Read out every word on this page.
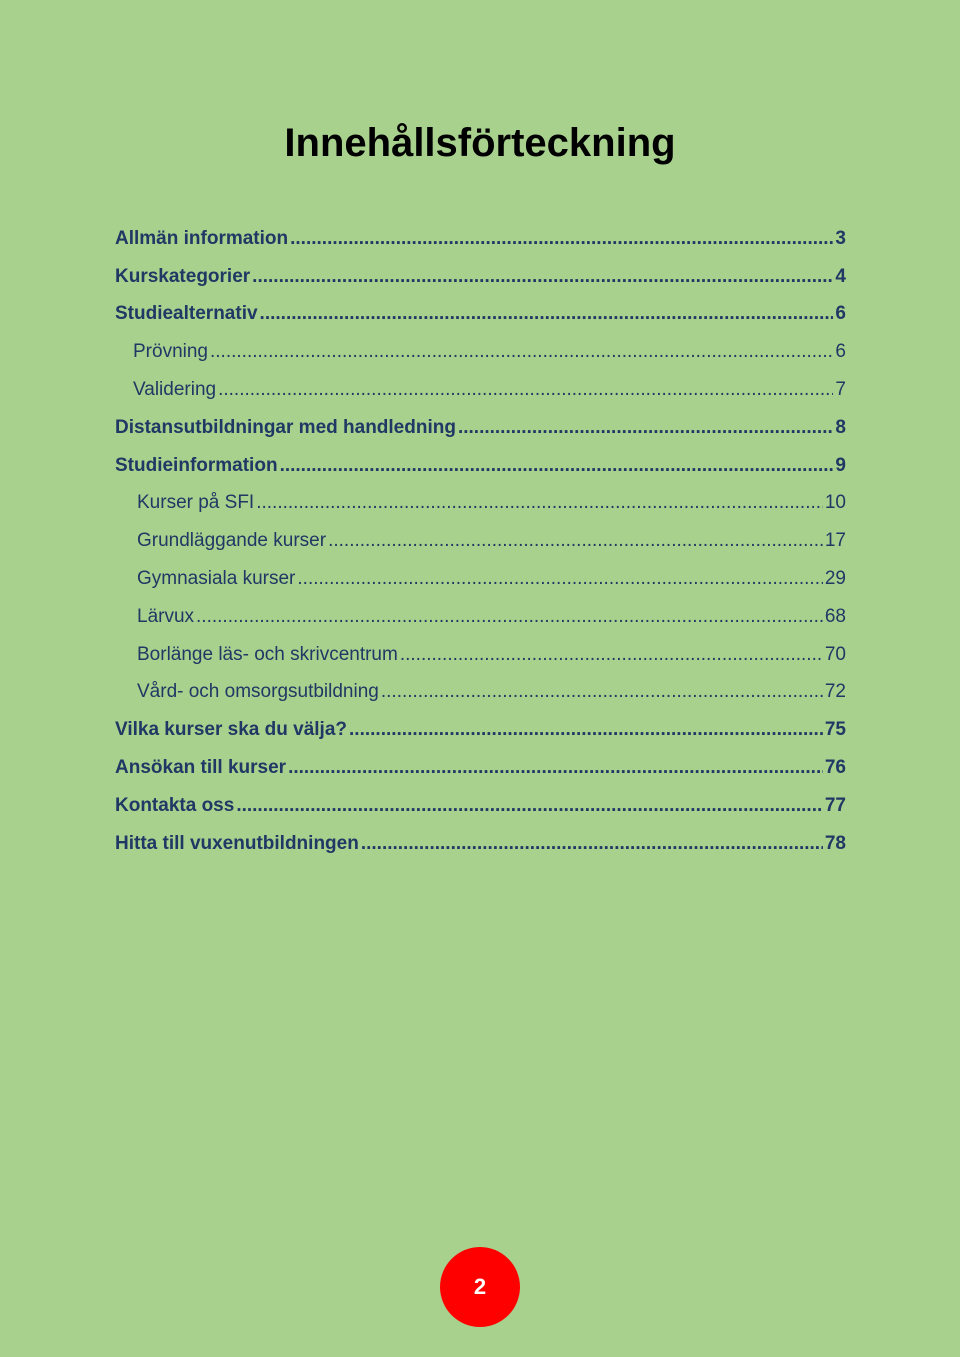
Innehållsförteckning
Allmän information .....	3
Kurskategorier .....	4
Studiealternativ .....	6
Prövning .....	6
Validering .....	7
Distansutbildningar med handledning .....	8
Studieinformation .....	9
Kurser på SFI .....	10
Grundläggande kurser .....	17
Gymnasiala kurser .....	29
Lärvux .....	68
Borlänge läs- och skrivcentrum .....	70
Vård- och omsorgsutbildning .....	72
Vilka kurser ska du välja? .....	75
Ansökan till kurser .....	76
Kontakta oss .....	77
Hitta till vuxenutbildningen .....	78
2
